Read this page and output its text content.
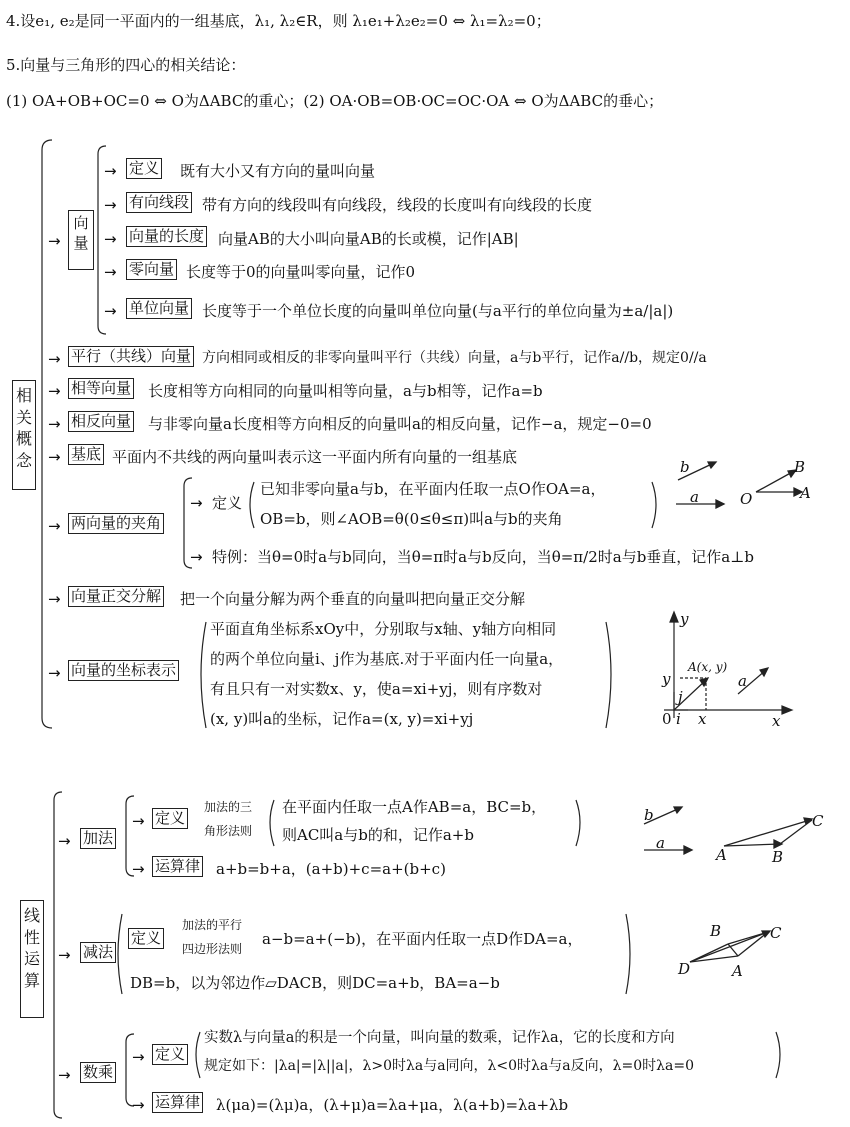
4.设e₁, e₂是同一平面内的一组基底，λ₁, λ₂∈R，则 λ₁e₁+λ₂e₂=0 ⇔ λ₁=λ₂=0；
5.向量与三角形的四心的相关结论：
(1) OA+OB+OC=0 ⇔ O为ΔABC的重心；(2) OA·OB=OB·OC=OC·OA ⇔ O为ΔABC的垂心；
相关概念
→
向量
→ 定义 既有大小又有方向的量叫向量
→ 有向线段 带有方向的线段叫有向线段，线段的长度叫有向线段的长度
→ 向量的长度 向量AB的大小叫向量AB的长或模，记作|AB|
→ 零向量 长度等于0的向量叫零向量，记作0
→ 单位向量 长度等于一个单位长度的向量叫单位向量(与a平行的单位向量为±a/|a|)
→ 平行（共线）向量 方向相同或相反的非零向量叫平行（共线）向量，a与b平行，记作a//b，规定0//a
→ 相等向量 长度相等方向相同的向量叫相等向量，a与b相等，记作a=b
→ 相反向量 与非零向量a长度相等方向相反的向量叫a的相反向量，记作−a，规定−0=0
→ 基底 平面内不共线的两向量叫表示这一平面内所有向量的一组基底
→ 两向量的夹角
→ 定义
已知非零向量a与b，在平面内任取一点O作OA=a，
OB=b，则∠AOB=θ(0≤θ≤π)叫a与b的夹角
→ 特例：当θ=0时a与b同向，当θ=π时a与b反向，当θ=π/2时a与b垂直，记作a⊥b
b
a	O	A
B
→ 向量正交分解 把一个向量分解为两个垂直的向量叫把向量正交分解
→ 向量的坐标表示
平面直角坐标系xOy中，分别取与x轴、y轴方向相同
的两个单位向量i、j作为基底.对于平面内任一向量a，
有且只有一对实数x、y，使a=xi+yj，则有序数对
(x, y)叫a的坐标，记作a=(x, y)=xi+yj
y
x
A(x, y)
a
0 i
j
y
x
线性运算
→ 加法
→ 定义
加法的三
角形法则
在平面内任取一点A作AB=a，BC=b，
则AC叫a与b的和，记作a+b
→ 运算律 a+b=b+a，(a+b)+c=a+(b+c)
b
a
A	B
C
→ 减法
定义
加法的平行
四边形法则
a−b=a+(−b)，在平面内任取一点D作DA=a，
DB=b，以为邻边作▱DACB，则DC=a+b，BA=a−b
B	C
D	A
→ 数乘
→ 定义
实数λ与向量a的积是一个向量，叫向量的数乘，记作λa，它的长度和方向
规定如下：|λa|=|λ||a|，λ>0时λa与a同向，λ<0时λa与a反向，λ=0时λa=0
→ 运算律 λ(μa)=(λμ)a，(λ+μ)a=λa+μa，λ(a+b)=λa+λb
